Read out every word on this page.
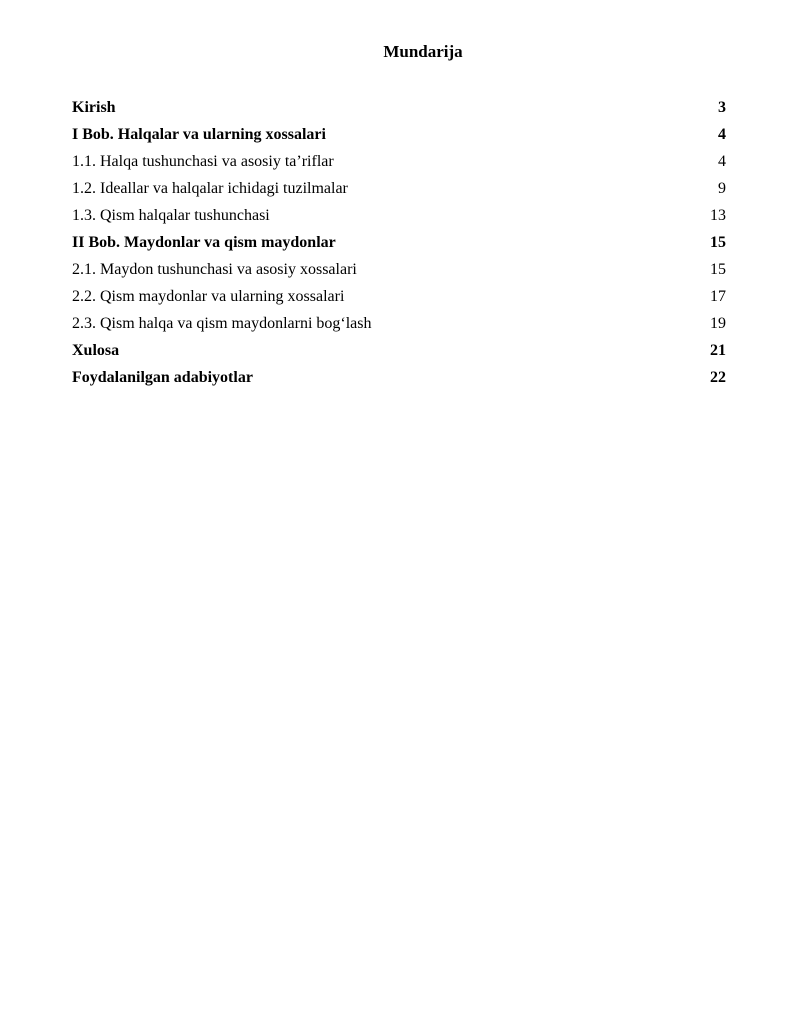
Mundarija
Kirish	3
I Bob. Halqalar va ularning xossalari	4
1.1. Halqa tushunchasi va asosiy ta’riflar	4
1.2. Ideallar va halqalar ichidagi tuzilmalar	9
1.3. Qism halqalar tushunchasi	13
II Bob. Maydonlar va qism maydonlar	15
2.1. Maydon tushunchasi va asosiy xossalari	15
2.2. Qism maydonlar va ularning xossalari	17
2.3. Qism halqa va qism maydonlarni bog‘lash	19
Xulosa	21
Foydalanilgan adabiyotlar	22
